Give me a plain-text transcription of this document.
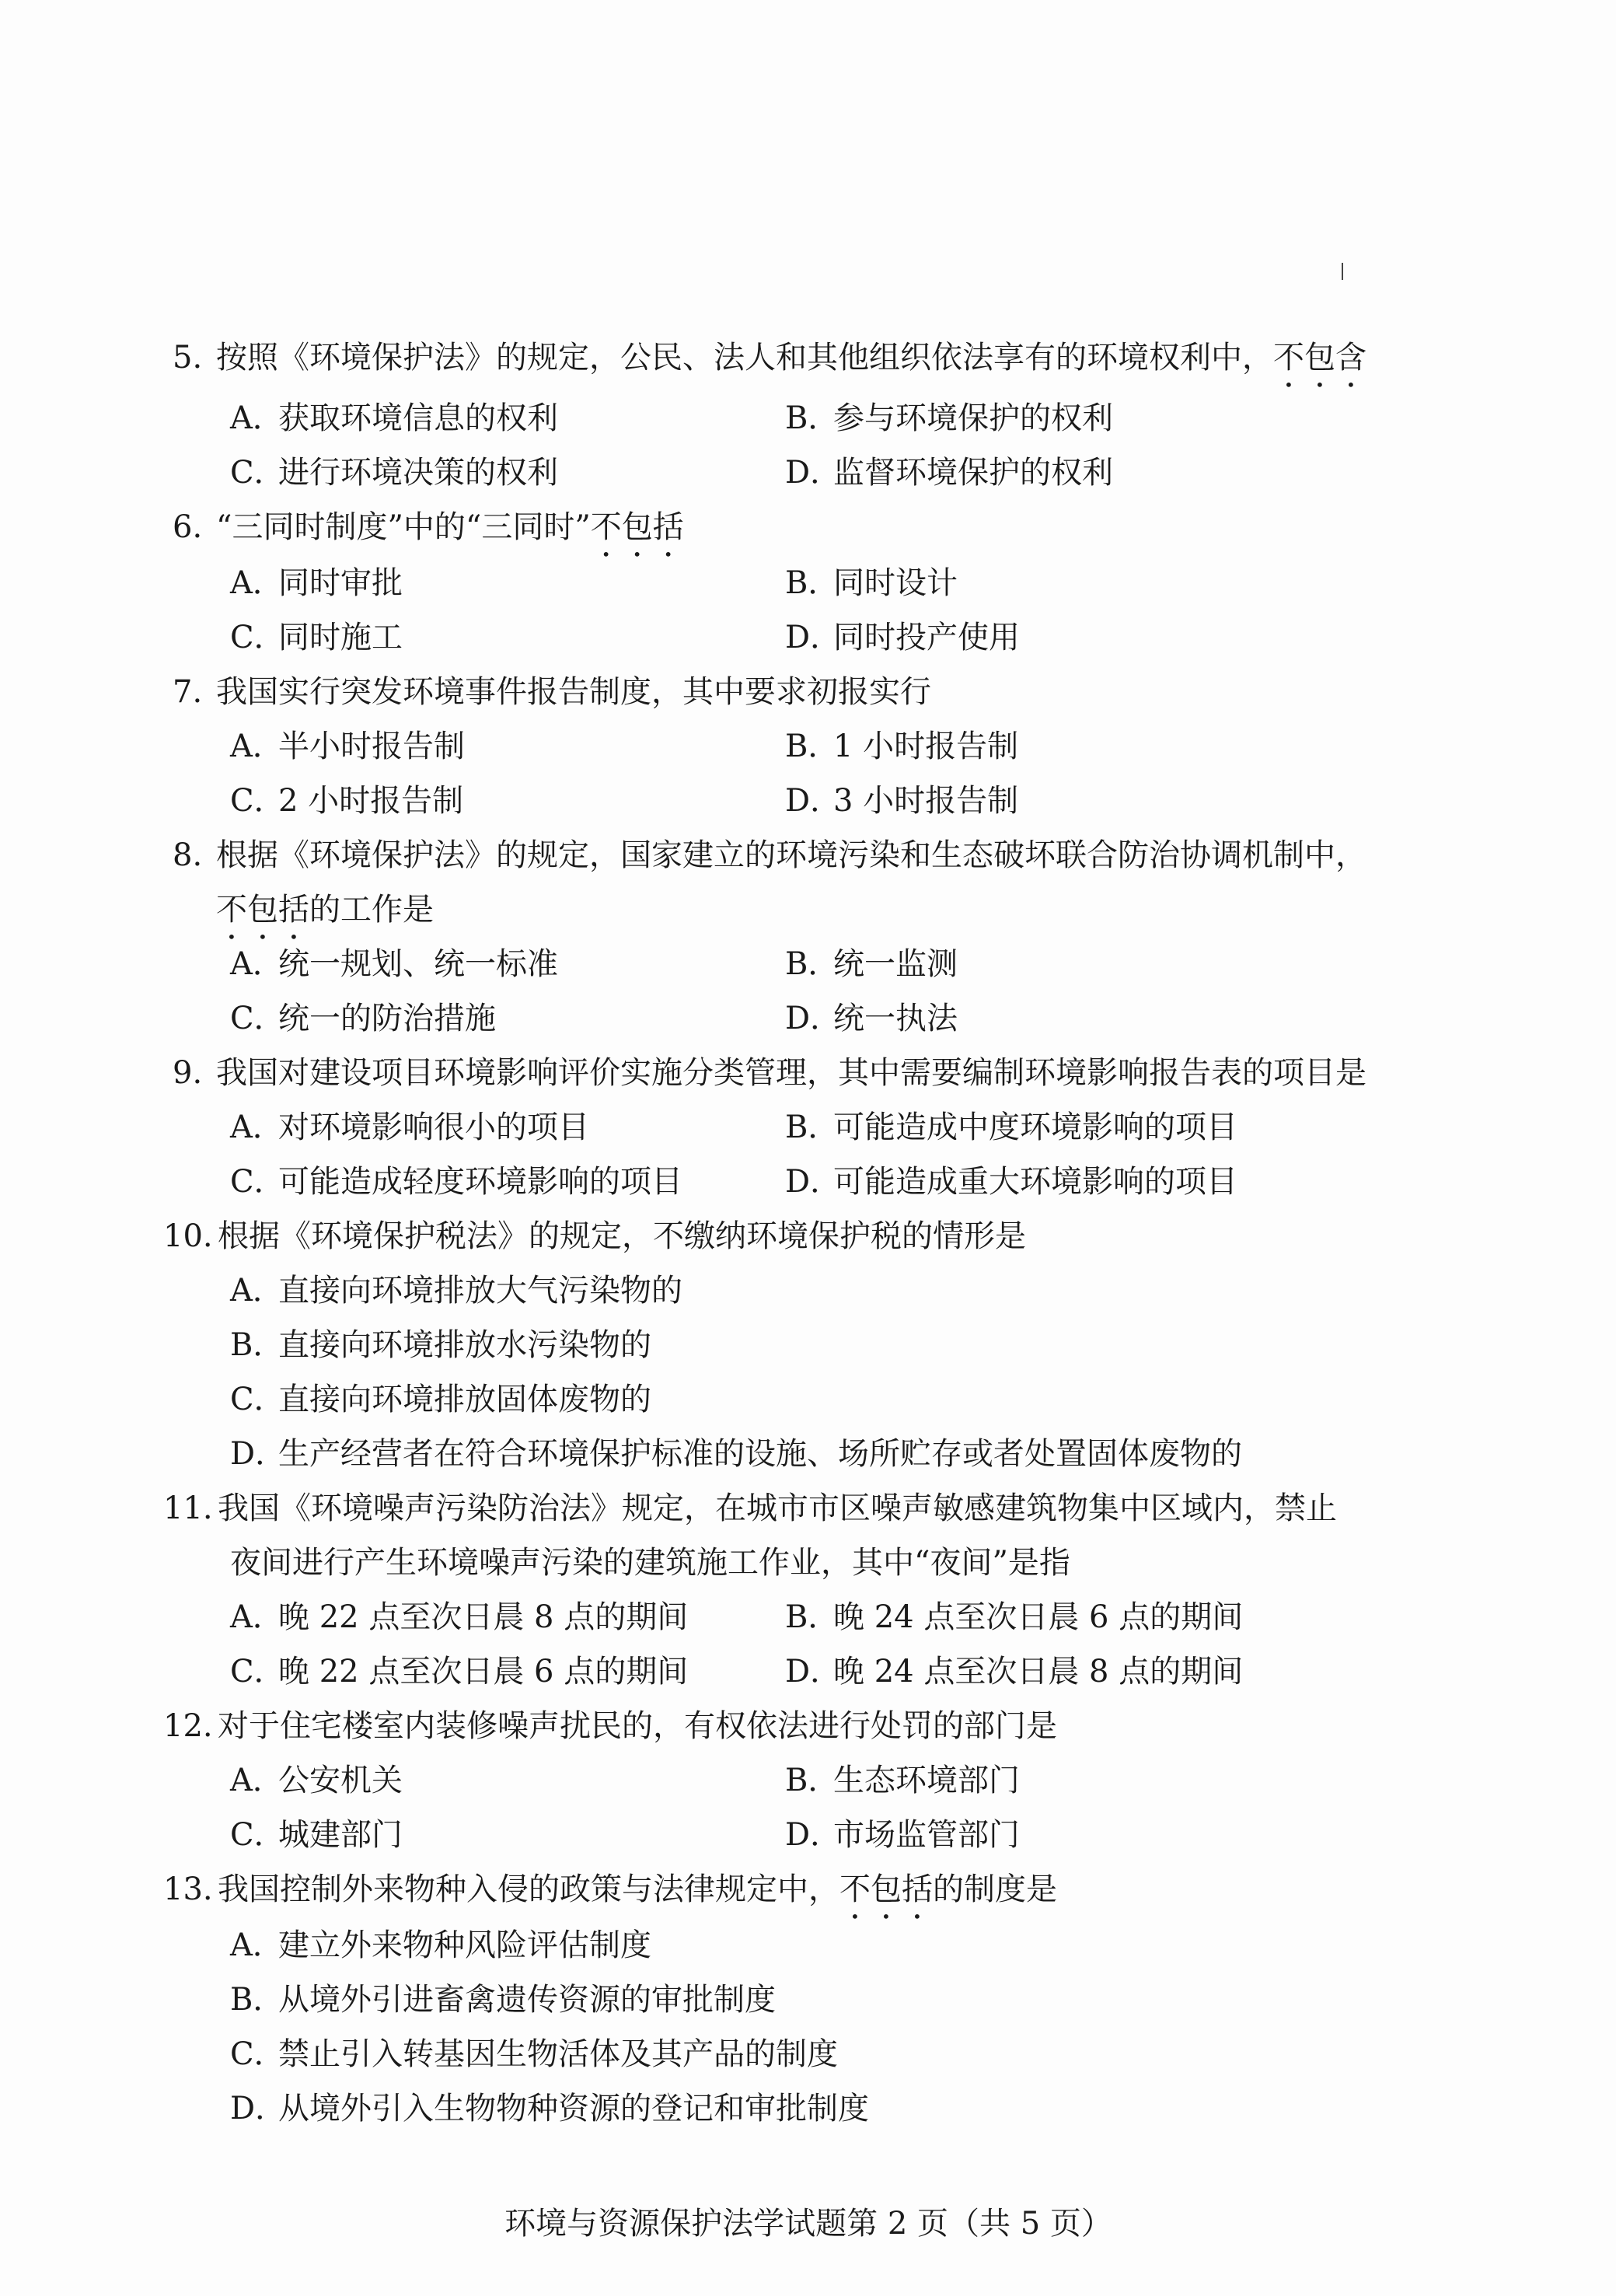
5. 按照《环境保护法》的规定，公民、法人和其他组织依法享有的环境权利中，不包含
A．获取环境信息的权利	B．参与环境保护的权利
C．进行环境决策的权利	D．监督环境保护的权利
6. “三同时制度”中的“三同时”不包括
A．同时审批	B．同时设计
C．同时施工	D．同时投产使用
7. 我国实行突发环境事件报告制度，其中要求初报实行
A．半小时报告制	B．1 小时报告制
C．2 小时报告制	D．3 小时报告制
8. 根据《环境保护法》的规定，国家建立的环境污染和生态破坏联合防治协调机制中，
不包括的工作是
A．统一规划、统一标准	B．统一监测
C．统一的防治措施	D．统一执法
9. 我国对建设项目环境影响评价实施分类管理，其中需要编制环境影响报告表的项目是
A．对环境影响很小的项目	B．可能造成中度环境影响的项目
C．可能造成轻度环境影响的项目	D．可能造成重大环境影响的项目
10. 根据《环境保护税法》的规定，不缴纳环境保护税的情形是
A．直接向环境排放大气污染物的
B．直接向环境排放水污染物的
C．直接向环境排放固体废物的
D．生产经营者在符合环境保护标准的设施、场所贮存或者处置固体废物的
11. 我国《环境噪声污染防治法》规定，在城市市区噪声敏感建筑物集中区域内，禁止
夜间进行产生环境噪声污染的建筑施工作业，其中“夜间”是指
A．晚 22 点至次日晨 8 点的期间	B．晚 24 点至次日晨 6 点的期间
C．晚 22 点至次日晨 6 点的期间	D．晚 24 点至次日晨 8 点的期间
12. 对于住宅楼室内装修噪声扰民的，有权依法进行处罚的部门是
A．公安机关	B．生态环境部门
C．城建部门	D．市场监管部门
13. 我国控制外来物种入侵的政策与法律规定中，不包括的制度是
A．建立外来物种风险评估制度
B．从境外引进畜禽遗传资源的审批制度
C．禁止引入转基因生物活体及其产品的制度
D．从境外引入生物物种资源的登记和审批制度
环境与资源保护法学试题第 2 页（共 5 页）
